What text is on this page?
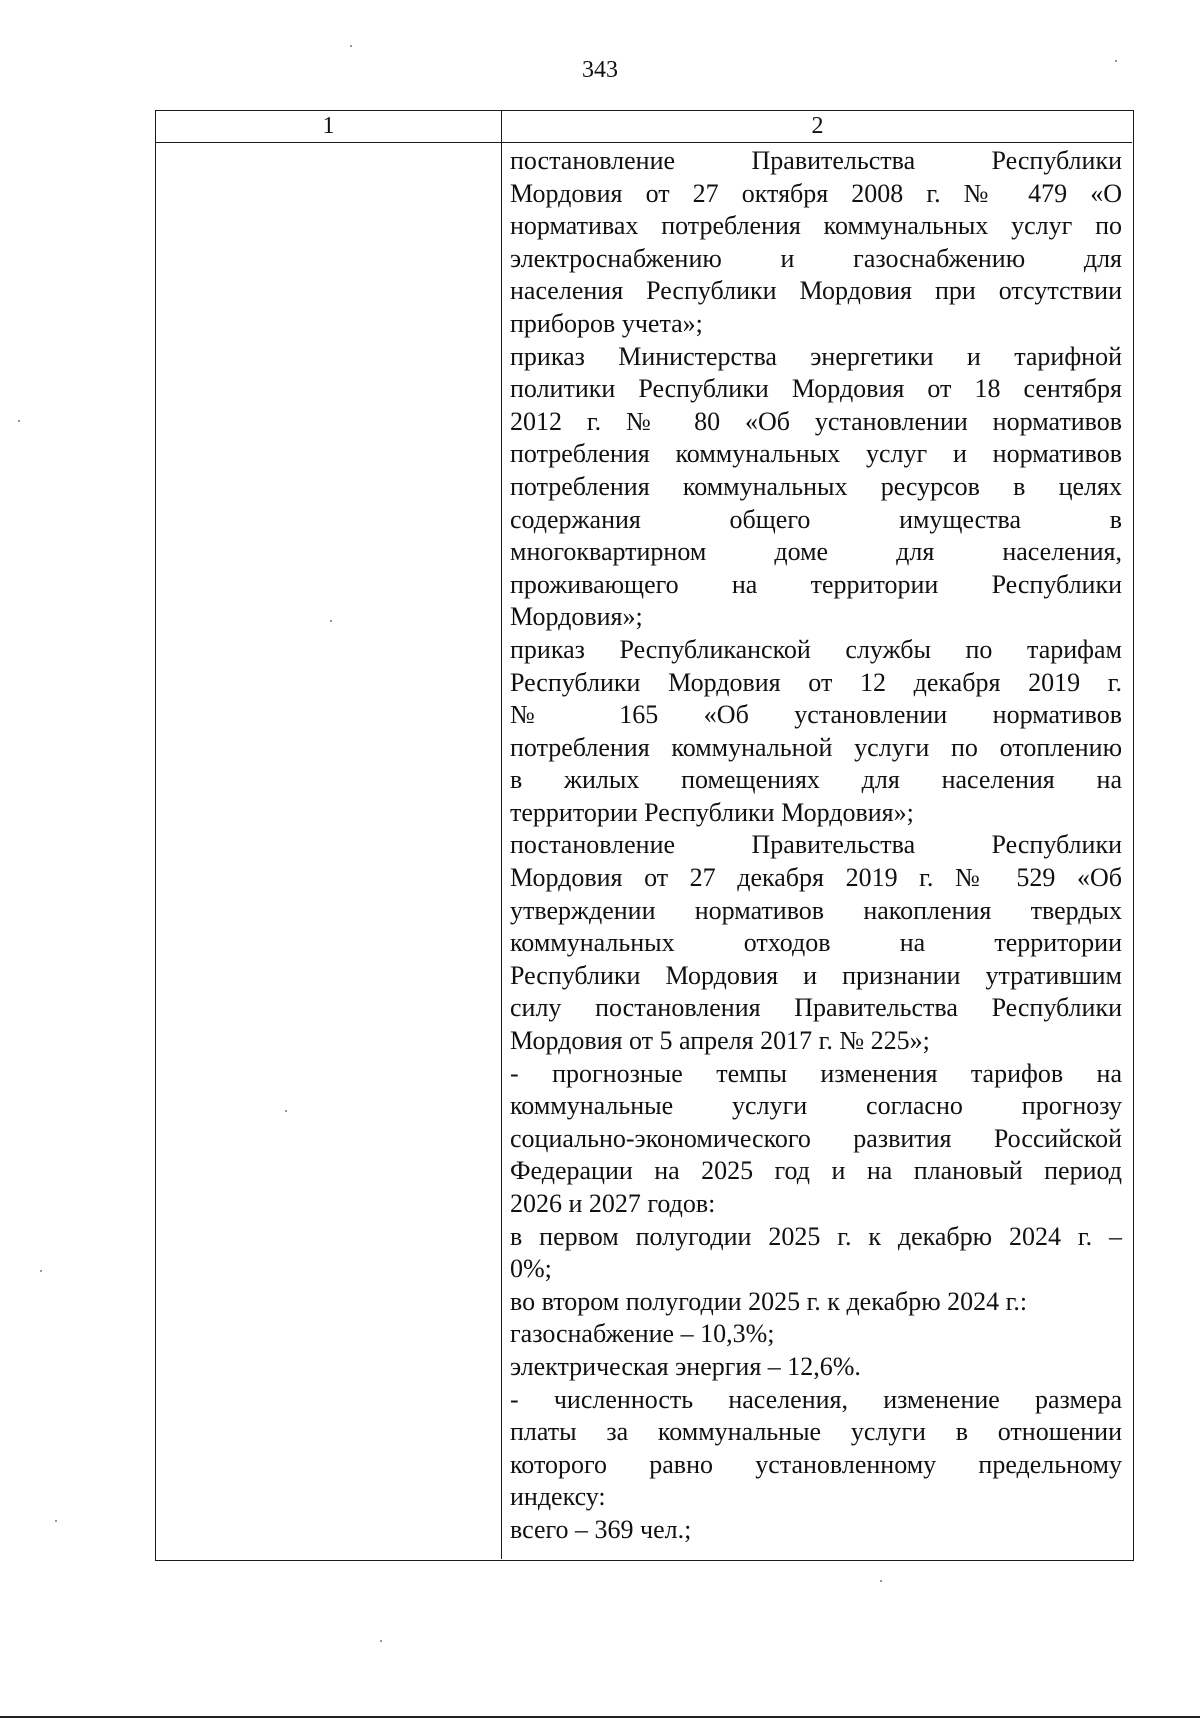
343
1	2
постановление Правительства Республики
Мордовия от 27 октября 2008 г. № 479 «О
нормативах потребления коммунальных услуг по
электроснабжению и газоснабжению для
населения Республики Мордовия при отсутствии
приборов учета»;
приказ Министерства энергетики и тарифной
политики Республики Мордовия от 18 сентября
2012 г. № 80 «Об установлении нормативов
потребления коммунальных услуг и нормативов
потребления коммунальных ресурсов в целях
содержания общего имущества в
многоквартирном доме для населения,
проживающего на территории Республики
Мордовия»;
приказ Республиканской службы по тарифам
Республики Мордовия от 12 декабря 2019 г.
№ 165 «Об установлении нормативов
потребления коммунальной услуги по отоплению
в жилых помещениях для населения на
территории Республики Мордовия»;
постановление Правительства Республики
Мордовия от 27 декабря 2019 г. № 529 «Об
утверждении нормативов накопления твердых
коммунальных отходов на территории
Республики Мордовия и признании утратившим
силу постановления Правительства Республики
Мордовия от 5 апреля 2017 г. № 225»;
- прогнозные темпы изменения тарифов на
коммунальные услуги согласно прогнозу
социально-экономического развития Российской
Федерации на 2025 год и на плановый период
2026 и 2027 годов:
в первом полугодии 2025 г. к декабрю 2024 г. –
0%;
во втором полугодии 2025 г. к декабрю 2024 г.:
газоснабжение – 10,3%;
электрическая энергия – 12,6%.
- численность населения, изменение размера
платы за коммунальные услуги в отношении
которого равно установленному предельному
индексу:
всего – 369 чел.;
